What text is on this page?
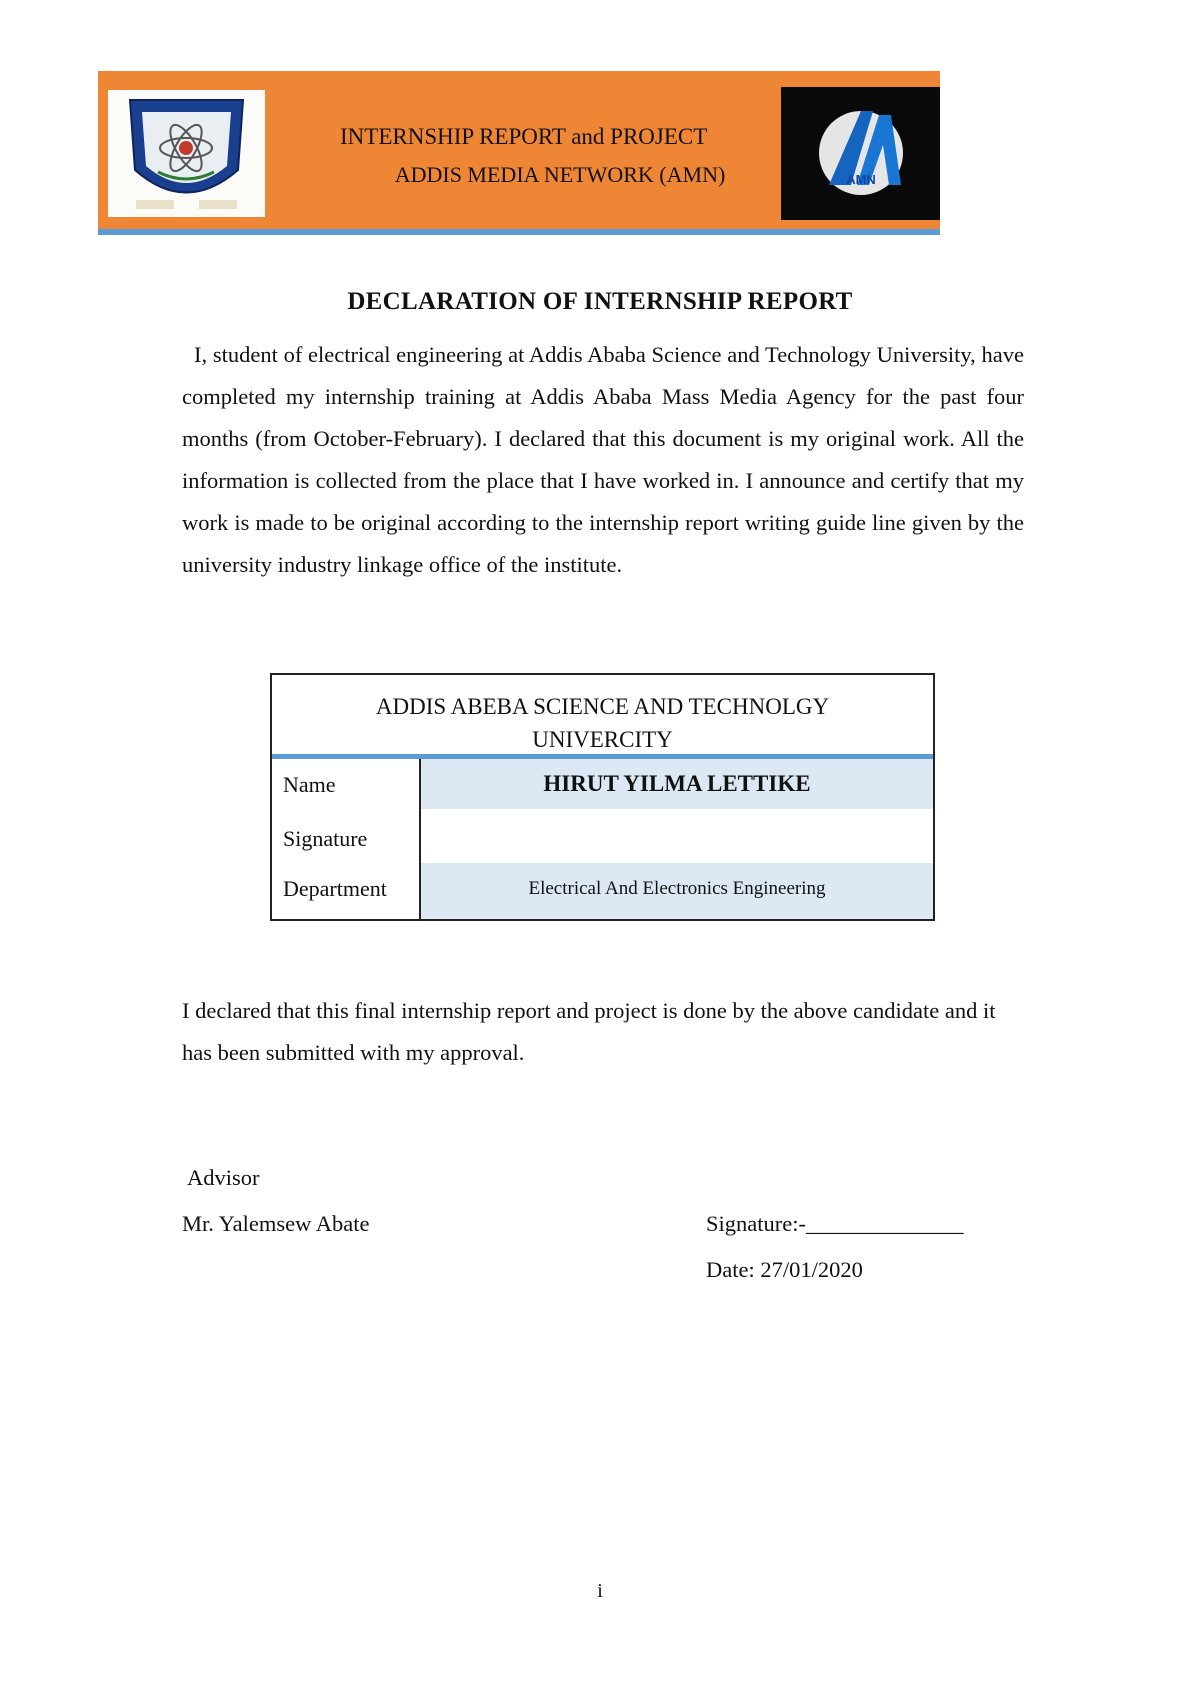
AMN
INTERNSHIP REPORT and PROJECT
ADDIS MEDIA NETWORK (AMN)
DECLARATION OF INTERNSHIP REPORT
I, student of electrical engineering at Addis Ababa Science and Technology University, have completed my internship training at Addis Ababa Mass Media Agency for the past four months (from October-February). I declared that this document is my original work. All the information is collected from the place that I have worked in. I announce and certify that my work is made to be original according to the internship report writing guide line given by the university industry linkage office of the institute.
ADDIS ABEBA SCIENCE AND TECHNOLGY
UNIVERCITY
Name	HIRUT YILMA LETTIKE
Signature
Department	Electrical And Electronics Engineering
I declared that this final internship report and project is done by the above candidate and it has been submitted with my approval.
Advisor
Mr. Yalemsew Abate	Signature:-______________
Date: 27/01/2020
i
